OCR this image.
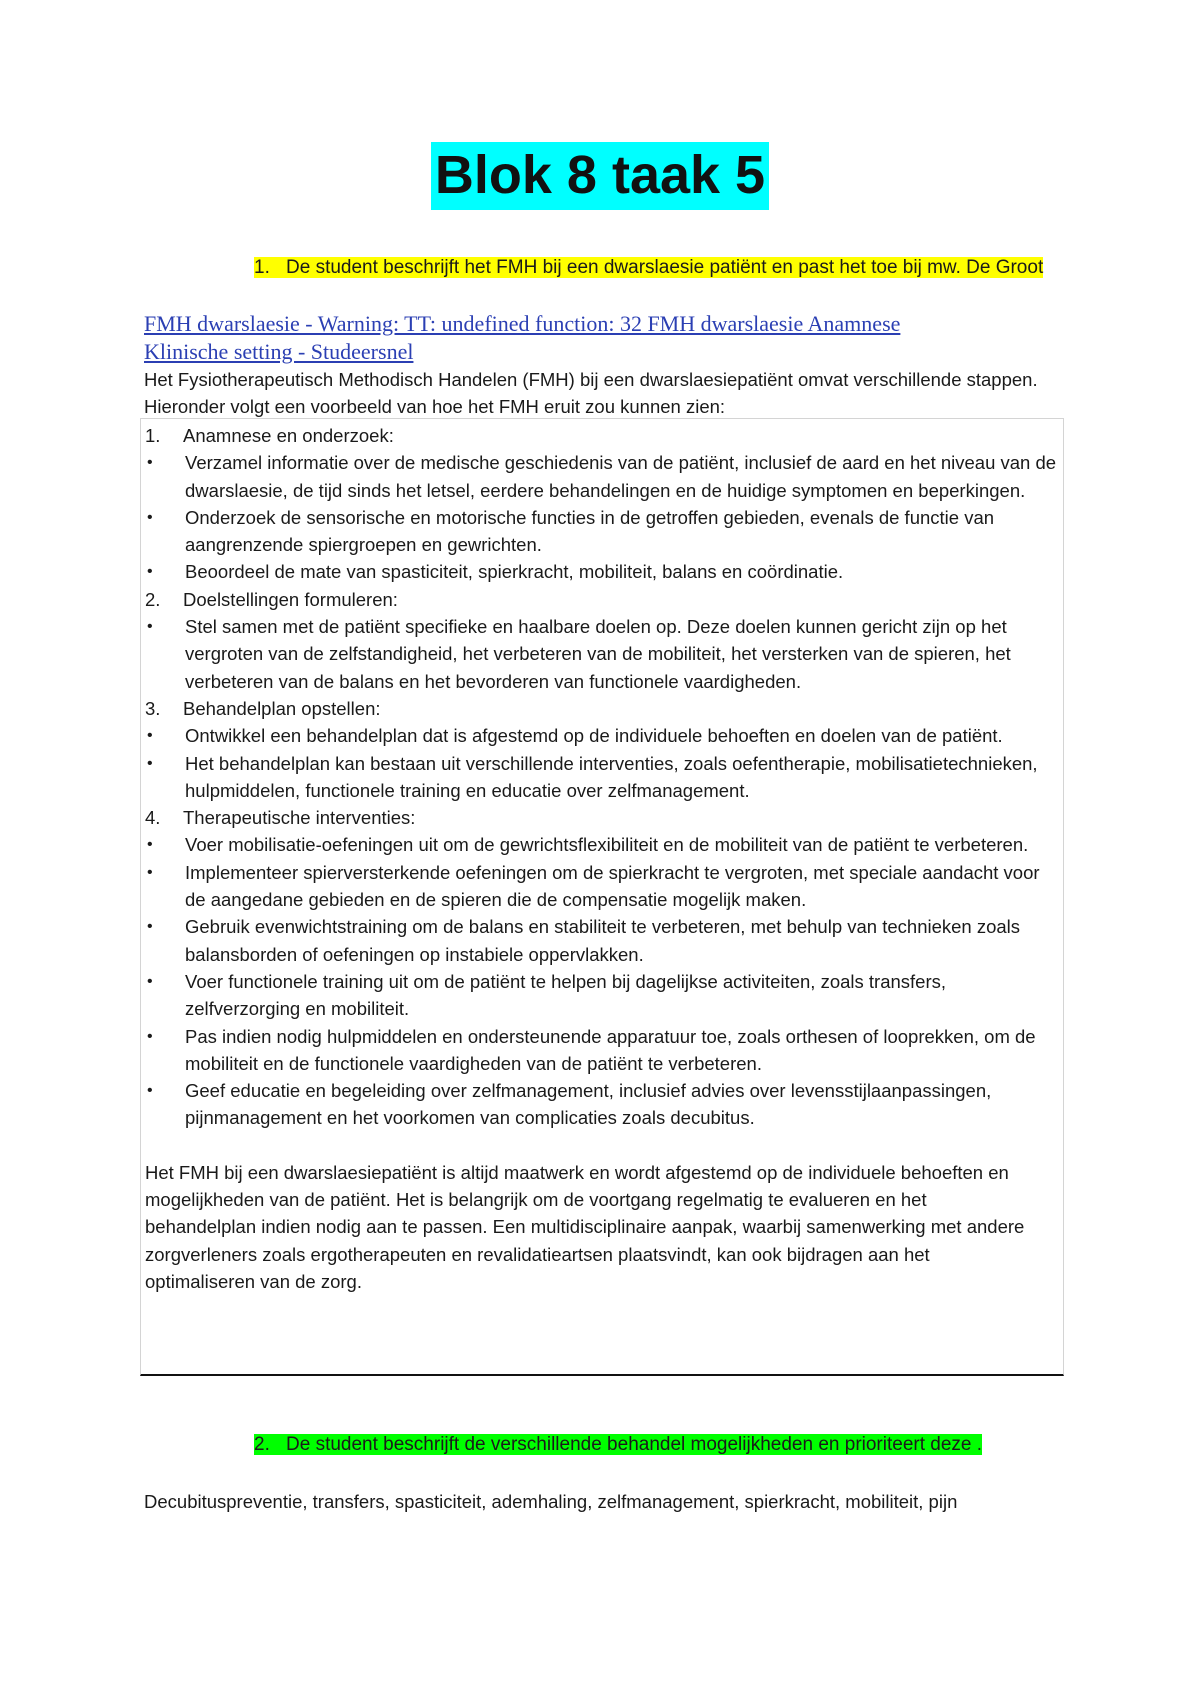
Blok 8 taak 5
1. De student beschrijft het FMH bij een dwarslaesie patiënt en past het toe bij mw. De Groot
FMH dwarslaesie - Warning: TT: undefined function: 32 FMH dwarslaesie Anamnese
Klinische setting - Studeersnel
Het Fysiotherapeutisch Methodisch Handelen (FMH) bij een dwarslaesiepatiënt omvat verschillende stappen. Hieronder volgt een voorbeeld van hoe het FMH eruit zou kunnen zien:
1.	Anamnese en onderzoek:
•	Verzamel informatie over de medische geschiedenis van de patiënt, inclusief de aard en het niveau van de dwarslaesie, de tijd sinds het letsel, eerdere behandelingen en de huidige symptomen en beperkingen.
•	Onderzoek de sensorische en motorische functies in de getroffen gebieden, evenals de functie van aangrenzende spiergroepen en gewrichten.
•	Beoordeel de mate van spasticiteit, spierkracht, mobiliteit, balans en coördinatie.
2.	Doelstellingen formuleren:
•	Stel samen met de patiënt specifieke en haalbare doelen op. Deze doelen kunnen gericht zijn op het vergroten van de zelfstandigheid, het verbeteren van de mobiliteit, het versterken van de spieren, het verbeteren van de balans en het bevorderen van functionele vaardigheden.
3.	Behandelplan opstellen:
•	Ontwikkel een behandelplan dat is afgestemd op de individuele behoeften en doelen van de patiënt.
•	Het behandelplan kan bestaan uit verschillende interventies, zoals oefentherapie, mobilisatietechnieken, hulpmiddelen, functionele training en educatie over zelfmanagement.
4.	Therapeutische interventies:
•	Voer mobilisatie-oefeningen uit om de gewrichtsflexibiliteit en de mobiliteit van de patiënt te verbeteren.
•	Implementeer spierversterkende oefeningen om de spierkracht te vergroten, met speciale aandacht voor de aangedane gebieden en de spieren die de compensatie mogelijk maken.
•	Gebruik evenwichtstraining om de balans en stabiliteit te verbeteren, met behulp van technieken zoals balansborden of oefeningen op instabiele oppervlakken.
•	Voer functionele training uit om de patiënt te helpen bij dagelijkse activiteiten, zoals transfers, zelfverzorging en mobiliteit.
•	Pas indien nodig hulpmiddelen en ondersteunende apparatuur toe, zoals orthesen of looprekken, om de mobiliteit en de functionele vaardigheden van de patiënt te verbeteren.
•	Geef educatie en begeleiding over zelfmanagement, inclusief advies over levensstijlaanpassingen, pijnmanagement en het voorkomen van complicaties zoals decubitus.
Het FMH bij een dwarslaesiepatiënt is altijd maatwerk en wordt afgestemd op de individuele behoeften en mogelijkheden van de patiënt. Het is belangrijk om de voortgang regelmatig te evalueren en het behandelplan indien nodig aan te passen. Een multidisciplinaire aanpak, waarbij samenwerking met andere zorgverleners zoals ergotherapeuten en revalidatieartsen plaatsvindt, kan ook bijdragen aan het optimaliseren van de zorg.
2. De student beschrijft de verschillende behandel mogelijkheden en prioriteert deze .
Decubituspreventie, transfers, spasticiteit, ademhaling, zelfmanagement, spierkracht, mobiliteit, pijn
